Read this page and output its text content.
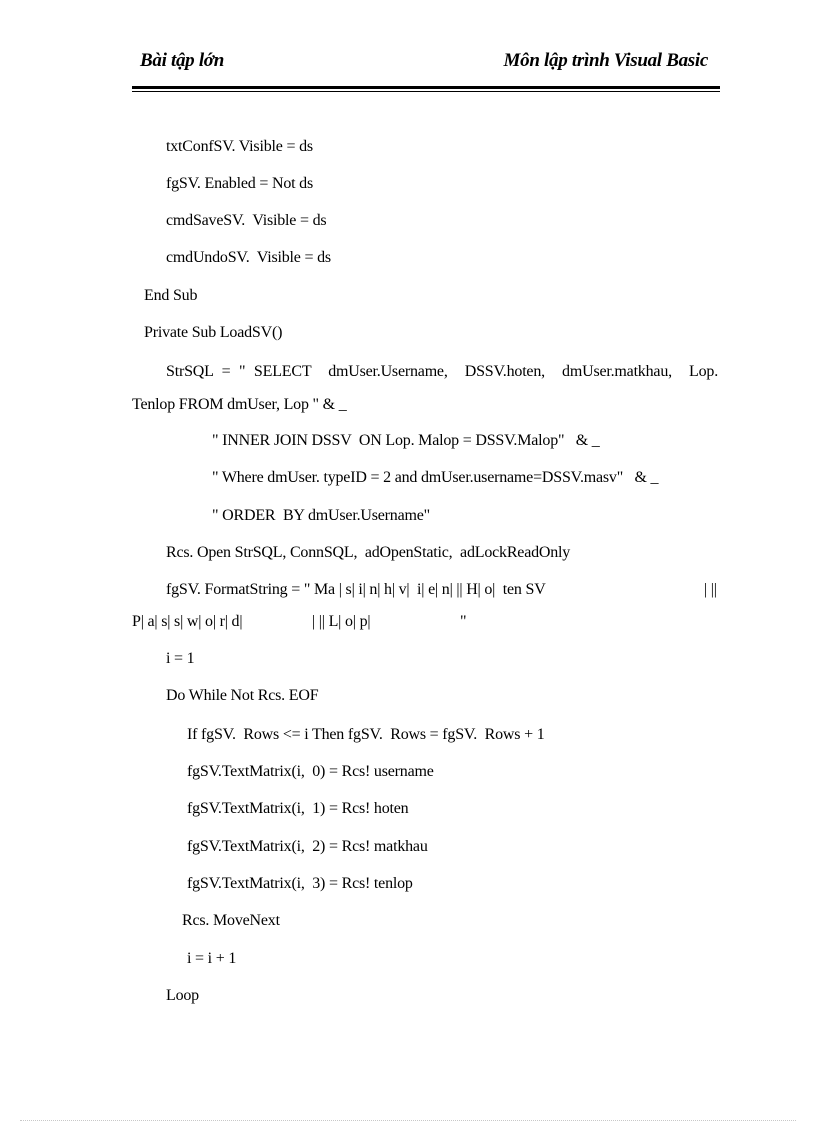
Bài tập lớn	Môn lập trình Visual Basic
txtConfSV. Visible = ds
fgSV. Enabled = Not ds
cmdSaveSV.  Visible = ds
cmdUndoSV.  Visible = ds
End Sub
Private Sub LoadSV()
StrSQL = " SELECT  dmUser.Username,  DSSV.hoten,  dmUser.matkhau,  Lop.
Tenlop FROM dmUser, Lop " & _
" INNER JOIN DSSV  ON Lop. Malop = DSSV.Malop"   & _
" Where dmUser. typeID = 2 and dmUser.username=DSSV.masv"   & _
" ORDER  BY dmUser.Username"
Rcs. Open StrSQL, ConnSQL,  adOpenStatic,  adLockReadOnly
fgSV. FormatString = " Ma | s| i| n| h| v|  i| e| n| || H| o|  ten SV	| ||
P| a| s| s| w| o| r| d|	| || L| o| p|	"
i = 1
Do While Not Rcs. EOF
If fgSV.  Rows <= i Then fgSV.  Rows = fgSV.  Rows + 1
fgSV.TextMatrix(i,  0) = Rcs! username
fgSV.TextMatrix(i,  1) = Rcs! hoten
fgSV.TextMatrix(i,  2) = Rcs! matkhau
fgSV.TextMatrix(i,  3) = Rcs! tenlop
Rcs. MoveNext
i = i + 1
Loop
